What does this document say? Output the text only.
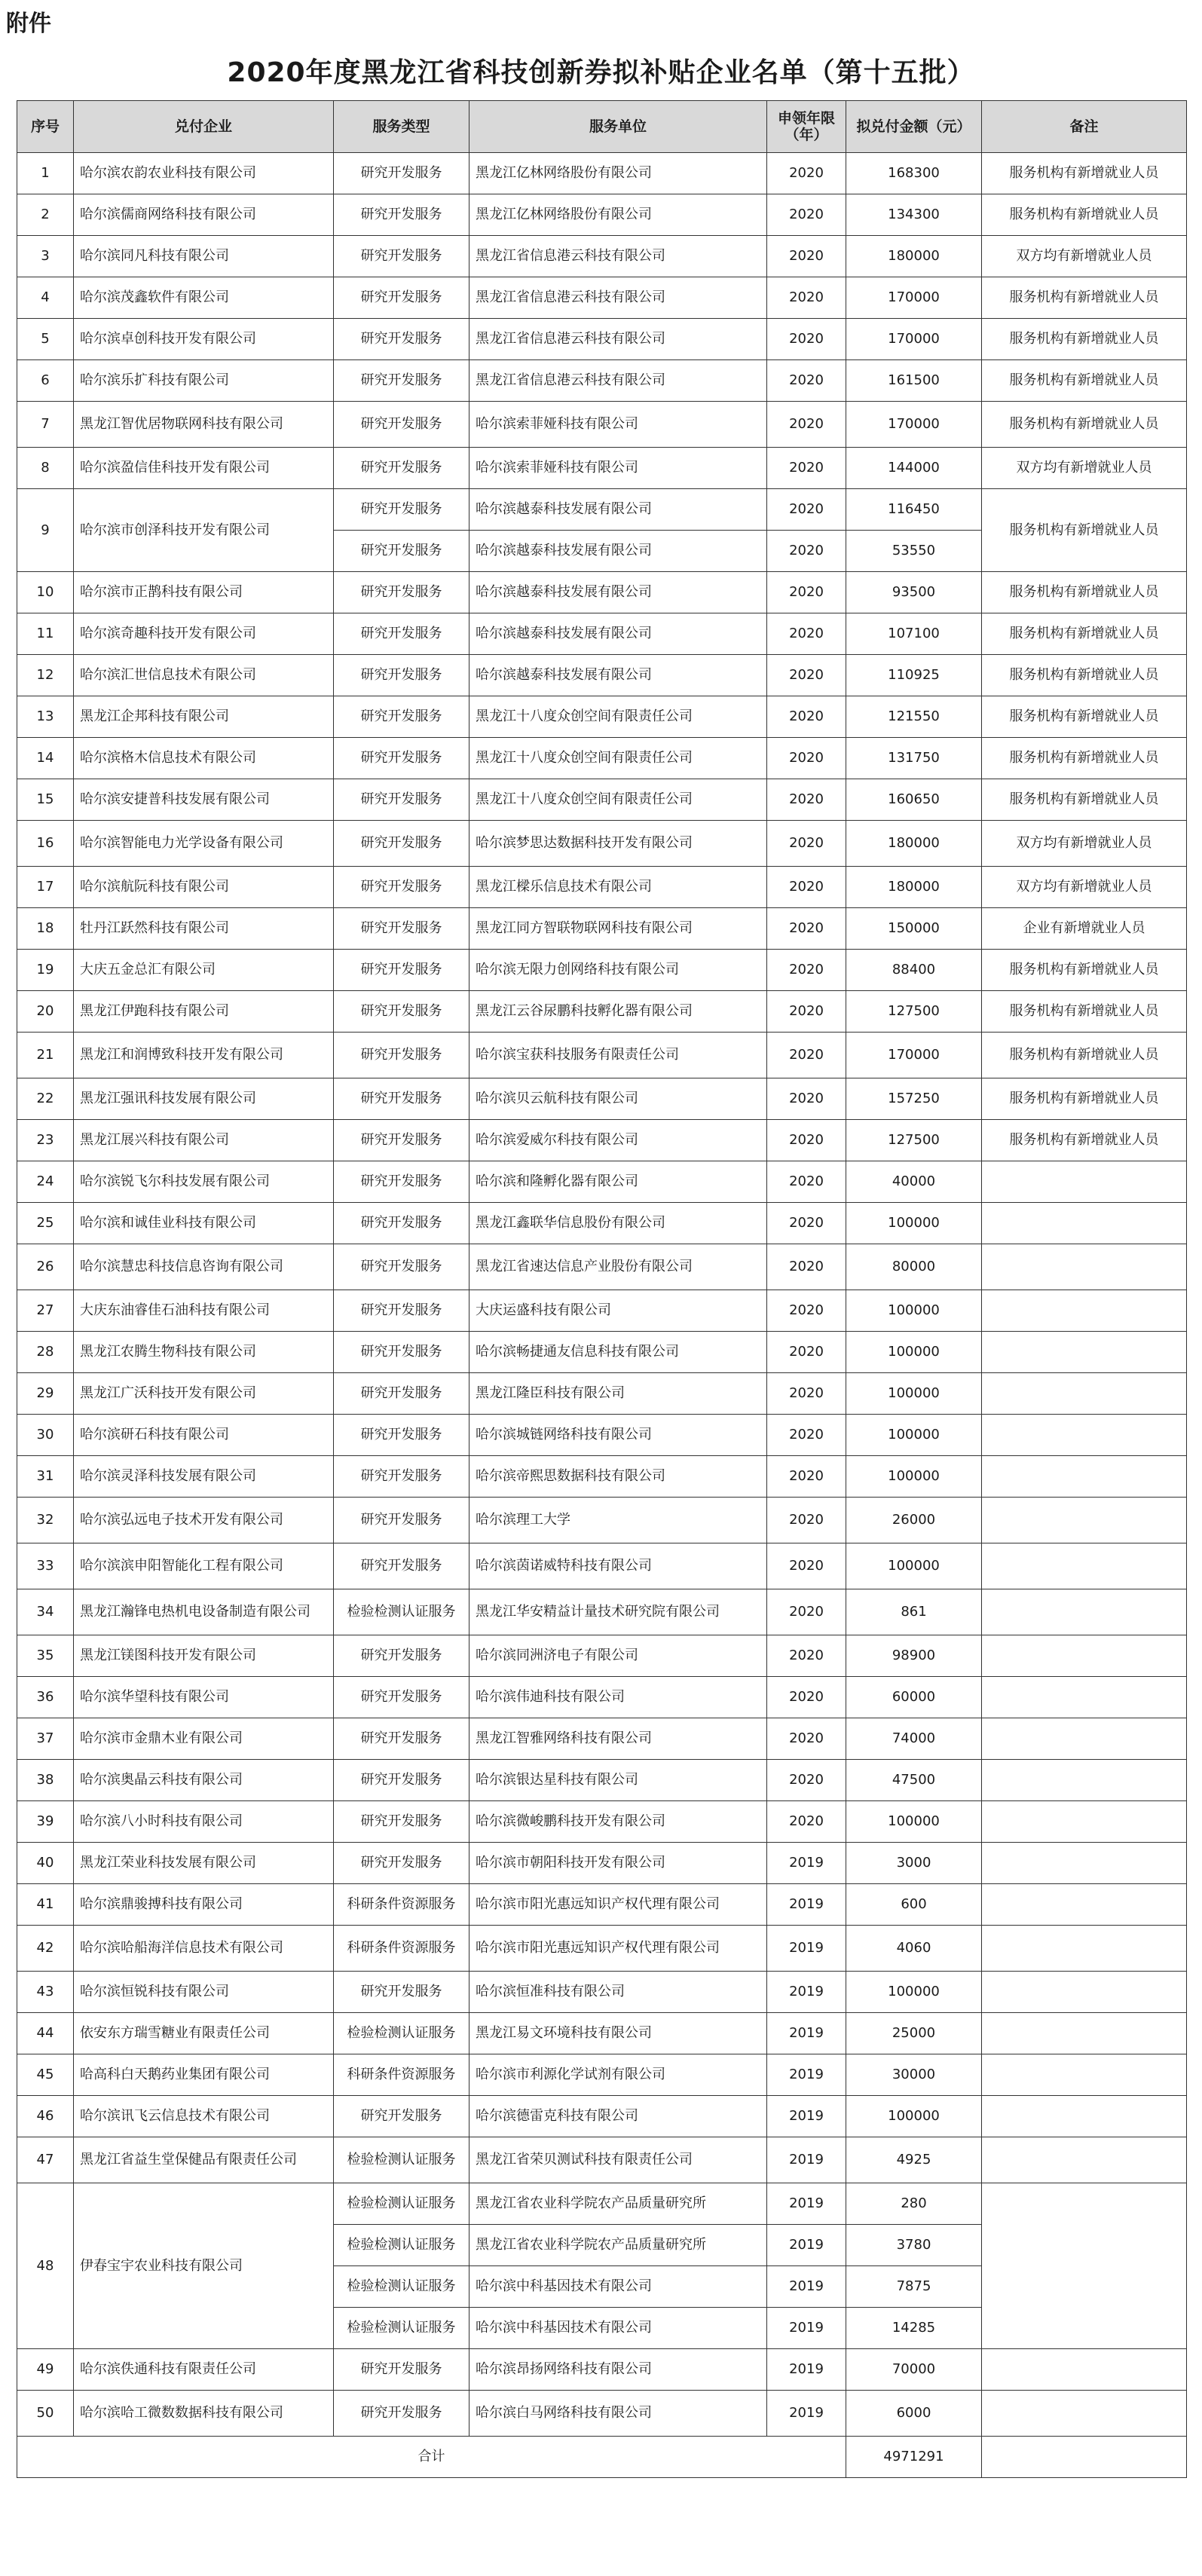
附件
2020年度黑龙江省科技创新券拟补贴企业名单（第十五批）
序号	兑付企业	服务类型	服务单位	申领年限（年）	拟兑付金额（元）	备注
1	哈尔滨农韵农业科技有限公司	研究开发服务	黑龙江亿林网络股份有限公司	2020	168300	服务机构有新增就业人员
2	哈尔滨儒商网络科技有限公司	研究开发服务	黑龙江亿林网络股份有限公司	2020	134300	服务机构有新增就业人员
3	哈尔滨同凡科技有限公司	研究开发服务	黑龙江省信息港云科技有限公司	2020	180000	双方均有新增就业人员
4	哈尔滨茂鑫软件有限公司	研究开发服务	黑龙江省信息港云科技有限公司	2020	170000	服务机构有新增就业人员
5	哈尔滨卓创科技开发有限公司	研究开发服务	黑龙江省信息港云科技有限公司	2020	170000	服务机构有新增就业人员
6	哈尔滨乐扩科技有限公司	研究开发服务	黑龙江省信息港云科技有限公司	2020	161500	服务机构有新增就业人员
7	黑龙江智优居物联网科技有限公司	研究开发服务	哈尔滨索菲娅科技有限公司	2020	170000	服务机构有新增就业人员
8	哈尔滨盈信佳科技开发有限公司	研究开发服务	哈尔滨索菲娅科技有限公司	2020	144000	双方均有新增就业人员
9	哈尔滨市创泽科技开发有限公司	研究开发服务	哈尔滨越泰科技发展有限公司	2020	116450	服务机构有新增就业人员
		研究开发服务	哈尔滨越泰科技发展有限公司	2020	53550	
10	哈尔滨市正鹊科技有限公司	研究开发服务	哈尔滨越泰科技发展有限公司	2020	93500	服务机构有新增就业人员
11	哈尔滨奇趣科技开发有限公司	研究开发服务	哈尔滨越泰科技发展有限公司	2020	107100	服务机构有新增就业人员
12	哈尔滨汇世信息技术有限公司	研究开发服务	哈尔滨越泰科技发展有限公司	2020	110925	服务机构有新增就业人员
13	黑龙江企邦科技有限公司	研究开发服务	黑龙江十八度众创空间有限责任公司	2020	121550	服务机构有新增就业人员
14	哈尔滨格木信息技术有限公司	研究开发服务	黑龙江十八度众创空间有限责任公司	2020	131750	服务机构有新增就业人员
15	哈尔滨安捷普科技发展有限公司	研究开发服务	黑龙江十八度众创空间有限责任公司	2020	160650	服务机构有新增就业人员
16	哈尔滨智能电力光学设备有限公司	研究开发服务	哈尔滨梦思达数据科技开发有限公司	2020	180000	双方均有新增就业人员
17	哈尔滨航阮科技有限公司	研究开发服务	黑龙江樑乐信息技术有限公司	2020	180000	双方均有新增就业人员
18	牡丹江跃然科技有限公司	研究开发服务	黑龙江同方智联物联网科技有限公司	2020	150000	企业有新增就业人员
19	大庆五金总汇有限公司	研究开发服务	哈尔滨无限力创网络科技有限公司	2020	88400	服务机构有新增就业人员
20	黑龙江伊跑科技有限公司	研究开发服务	黑龙江云谷尿鹏科技孵化器有限公司	2020	127500	服务机构有新增就业人员
21	黑龙江和润博致科技开发有限公司	研究开发服务	哈尔滨宝获科技服务有限责任公司	2020	170000	服务机构有新增就业人员
22	黑龙江强讯科技发展有限公司	研究开发服务	哈尔滨贝云航科技有限公司	2020	157250	服务机构有新增就业人员
23	黑龙江展兴科技有限公司	研究开发服务	哈尔滨爱威尔科技有限公司	2020	127500	服务机构有新增就业人员
24	哈尔滨锐飞尔科技发展有限公司	研究开发服务	哈尔滨和隆孵化器有限公司	2020	40000	
25	哈尔滨和诚佳业科技有限公司	研究开发服务	黑龙江鑫联华信息股份有限公司	2020	100000	
26	哈尔滨慧忠科技信息咨询有限公司	研究开发服务	黑龙江省速达信息产业股份有限公司	2020	80000	
27	大庆东油睿佳石油科技有限公司	研究开发服务	大庆运盛科技有限公司	2020	100000	
28	黑龙江农腾生物科技有限公司	研究开发服务	哈尔滨畅捷通友信息科技有限公司	2020	100000	
29	黑龙江广沃科技开发有限公司	研究开发服务	黑龙江隆臣科技有限公司	2020	100000	
30	哈尔滨研石科技有限公司	研究开发服务	哈尔滨城链网络科技有限公司	2020	100000	
31	哈尔滨灵泽科技发展有限公司	研究开发服务	哈尔滨帝熙思数据科技有限公司	2020	100000	
32	哈尔滨弘远电子技术开发有限公司	研究开发服务	哈尔滨理工大学	2020	26000	
33	哈尔滨滨申阳智能化工程有限公司	研究开发服务	哈尔滨茵诺威特科技有限公司	2020	100000	
34	黑龙江瀚锋电热机电设备制造有限公司	检验检测认证服务	黑龙江华安精益计量技术研究院有限公司	2020	861	
35	黑龙江镁图科技开发有限公司	研究开发服务	哈尔滨同洲济电子有限公司	2020	98900	
36	哈尔滨华望科技有限公司	研究开发服务	哈尔滨伟迪科技有限公司	2020	60000	
37	哈尔滨市金鼎木业有限公司	研究开发服务	黑龙江智雅网络科技有限公司	2020	74000	
38	哈尔滨奥晶云科技有限公司	研究开发服务	哈尔滨银达星科技有限公司	2020	47500	
39	哈尔滨八小时科技有限公司	研究开发服务	哈尔滨微峻鹏科技开发有限公司	2020	100000	
40	黑龙江荣业科技发展有限公司	研究开发服务	哈尔滨市朝阳科技开发有限公司	2019	3000	
41	哈尔滨鼎骏搏科技有限公司	科研条件资源服务	哈尔滨市阳光惠远知识产权代理有限公司	2019	600	
42	哈尔滨哈船海洋信息技术有限公司	科研条件资源服务	哈尔滨市阳光惠远知识产权代理有限公司	2019	4060	
43	哈尔滨恒锐科技有限公司	研究开发服务	哈尔滨恒准科技有限公司	2019	100000	
44	依安东方瑞雪糖业有限责任公司	检验检测认证服务	黑龙江易文环境科技有限公司	2019	25000	
45	哈高科白天鹅药业集团有限公司	科研条件资源服务	哈尔滨市利源化学试剂有限公司	2019	30000	
46	哈尔滨讯飞云信息技术有限公司	研究开发服务	哈尔滨德雷克科技有限公司	2019	100000	
47	黑龙江省益生堂保健品有限责任公司	检验检测认证服务	黑龙江省荣贝测试科技有限责任公司	2019	4925	
48	伊春宝宇农业科技有限公司	检验检测认证服务	黑龙江省农业科学院农产品质量研究所	2019	280	
		检验检测认证服务	黑龙江省农业科学院农产品质量研究所	2019	3780	
		检验检测认证服务	哈尔滨中科基因技术有限公司	2019	7875	
		检验检测认证服务	哈尔滨中科基因技术有限公司	2019	14285	
49	哈尔滨佚通科技有限责任公司	研究开发服务	哈尔滨昂扬网络科技有限公司	2019	70000	
50	哈尔滨哈工微数数据科技有限公司	研究开发服务	哈尔滨白马网络科技有限公司	2019	6000	
合计					4971291	
